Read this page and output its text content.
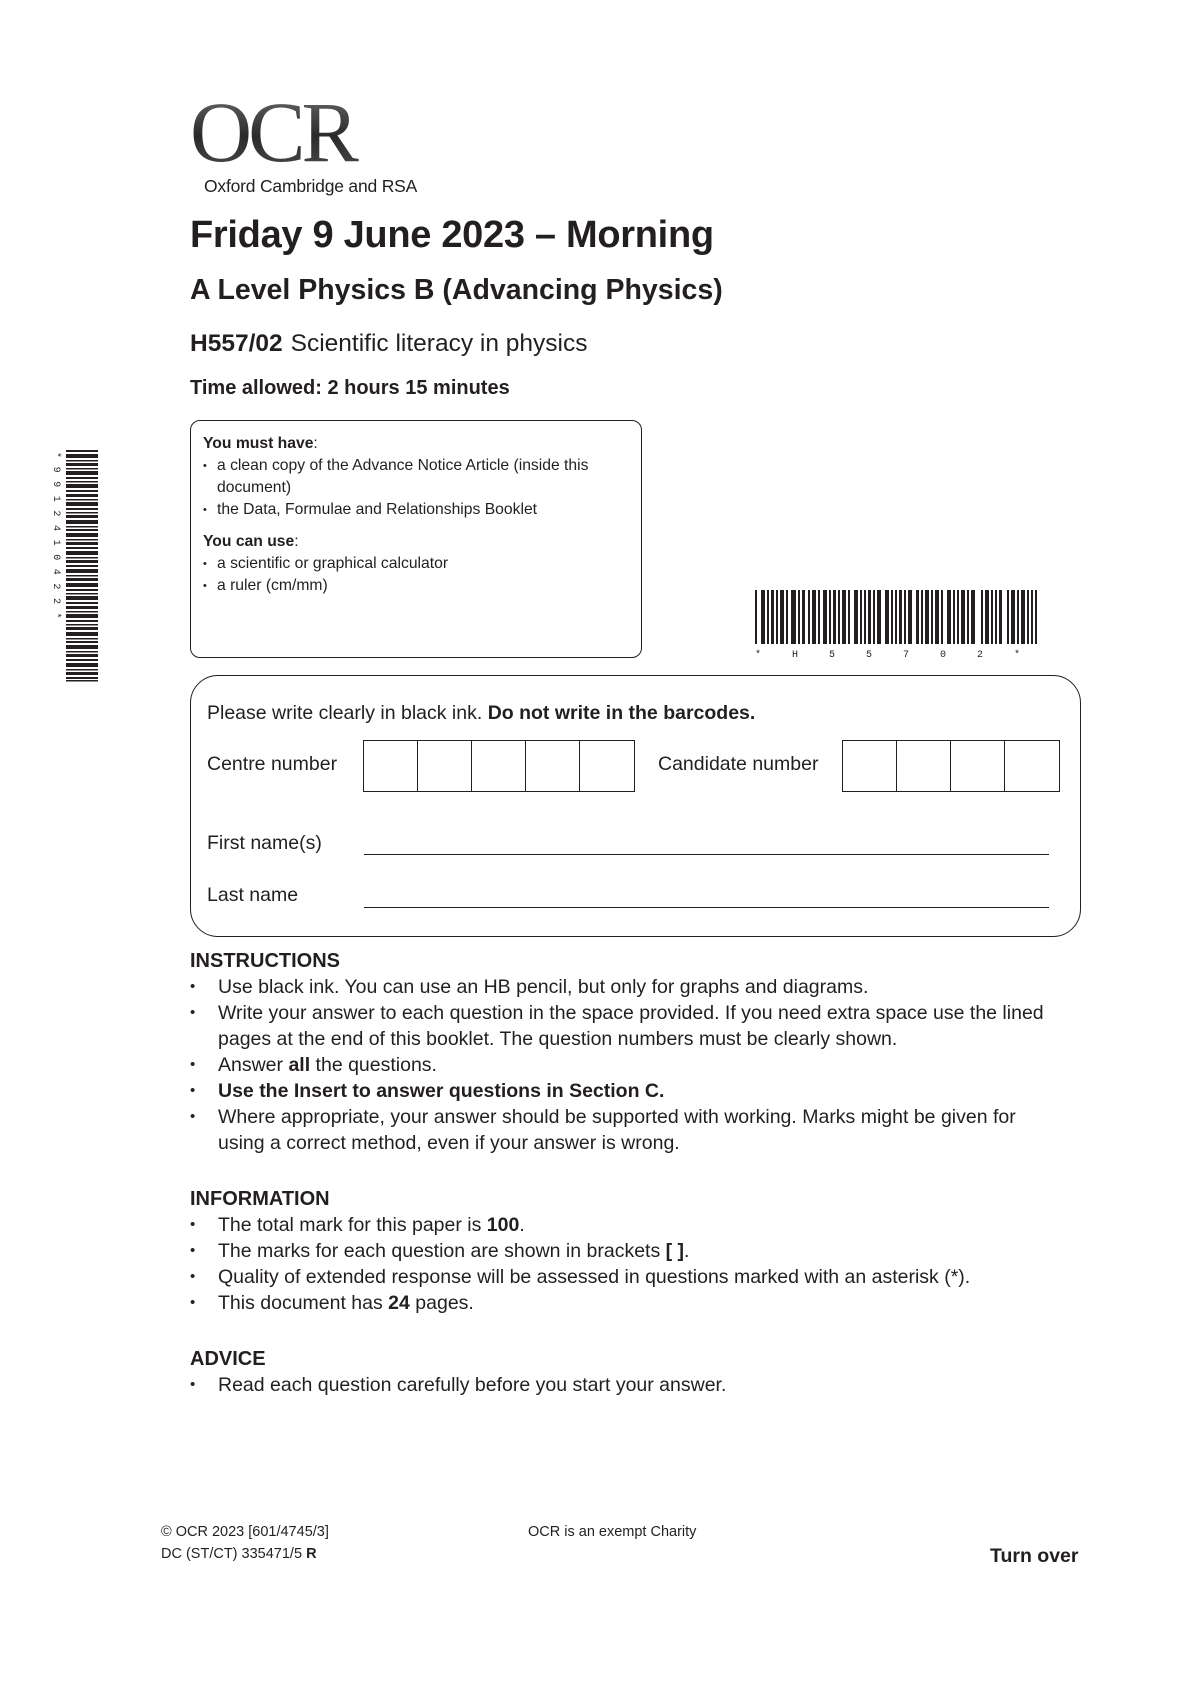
OCR
Oxford Cambridge and RSA
Friday 9 June 2023 – Morning
A Level Physics B (Advancing Physics)
H557/02 Scientific literacy in physics
Time allowed: 2 hours 15 minutes
You must have:
• a clean copy of the Advance Notice Article (inside this document)
• the Data, Formulae and Relationships Booklet
You can use:
• a scientific or graphical calculator
• a ruler (cm/mm)
*9912410422*
*H55702*
Please write clearly in black ink. Do not write in the barcodes.
Centre number	Candidate number
First name(s)
Last name
INSTRUCTIONS
• Use black ink. You can use an HB pencil, but only for graphs and diagrams.
• Write your answer to each question in the space provided. If you need extra space use the lined pages at the end of this booklet. The question numbers must be clearly shown.
• Answer all the questions.
• Use the Insert to answer questions in Section C.
• Where appropriate, your answer should be supported with working. Marks might be given for using a correct method, even if your answer is wrong.
INFORMATION
• The total mark for this paper is 100.
• The marks for each question are shown in brackets [ ].
• Quality of extended response will be assessed in questions marked with an asterisk (*).
• This document has 24 pages.
ADVICE
• Read each question carefully before you start your answer.
© OCR 2023 [601/4745/3]
DC (ST/CT) 335471/5 R
OCR is an exempt Charity
Turn over
